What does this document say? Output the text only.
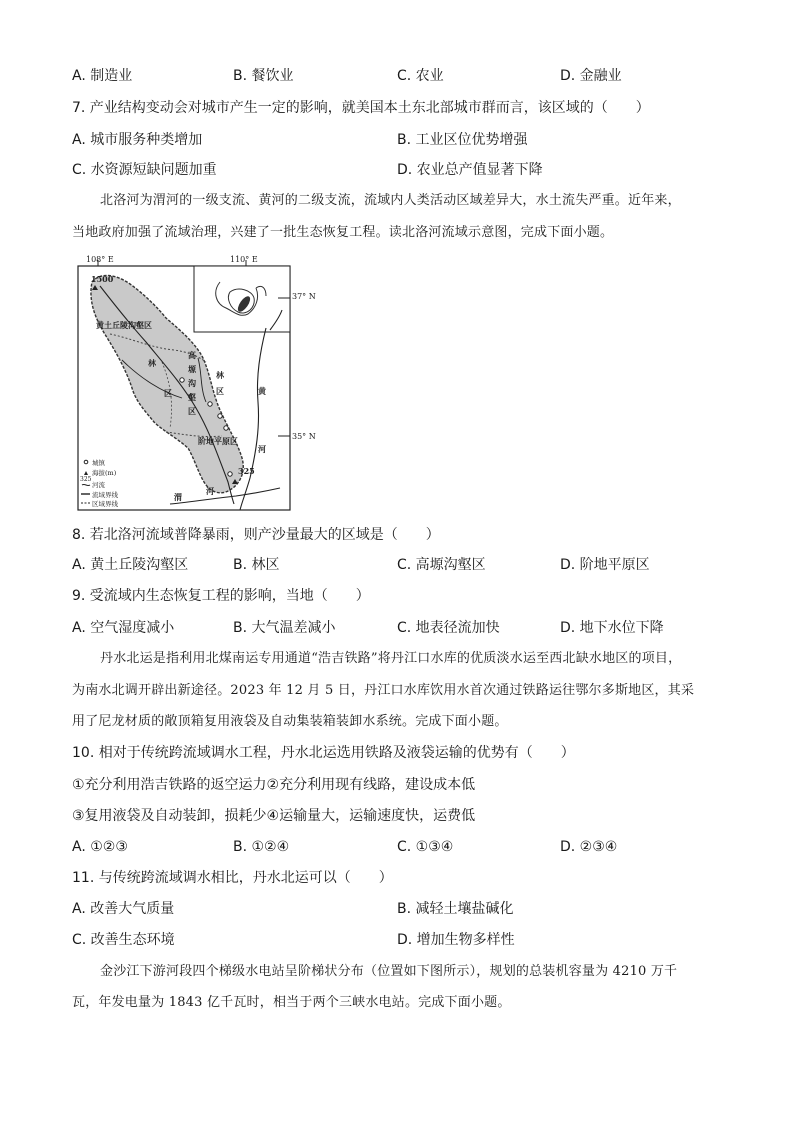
A. 制造业	B. 餐饮业	C. 农业	D. 金融业
7. 产业结构变动会对城市产生一定的影响，就美国本土东北部城市群而言，该区域的（　　）
A. 城市服务种类增加	B. 工业区位优势增强
C. 水资源短缺问题加重	D. 农业总产值显著下降
北洛河为渭河的一级支流、黄河的二级支流，流域内人类活动区域差异大，水土流失严重。近年来，
当地政府加强了流域治理，兴建了一批生态恢复工程。读北洛河流域示意图，完成下面小题。
108° E	110° E
37° N
35° N
1500
325
黄土丘陵沟壑区
林
区
高
塬
沟
壑
区
林
区
阶地平原区
黄
河
渭
河
城镇
海拔(m)
325
河流
流域界线
区域界线
8. 若北洛河流域普降暴雨，则产沙量最大的区域是（　　）
A. 黄土丘陵沟壑区	B. 林区	C. 高塬沟壑区	D. 阶地平原区
9. 受流域内生态恢复工程的影响，当地（　　）
A. 空气湿度减小	B. 大气温差减小	C. 地表径流加快	D. 地下水位下降
丹水北运是指利用北煤南运专用通道“浩吉铁路”将丹江口水库的优质淡水运至西北缺水地区的项目，
为南水北调开辟出新途径。2023 年 12 月 5 日，丹江口水库饮用水首次通过铁路运往鄂尔多斯地区，其采
用了尼龙材质的敞顶箱复用液袋及自动集装箱装卸水系统。完成下面小题。
10. 相对于传统跨流域调水工程，丹水北运选用铁路及液袋运输的优势有（　　）
①充分利用浩吉铁路的返空运力②充分利用现有线路，建设成本低
③复用液袋及自动装卸，损耗少④运输量大，运输速度快，运费低
A. ①②③	B. ①②④	C. ①③④	D. ②③④
11. 与传统跨流域调水相比，丹水北运可以（　　）
A. 改善大气质量	B. 减轻土壤盐碱化
C. 改善生态环境	D. 增加生物多样性
金沙江下游河段四个梯级水电站呈阶梯状分布（位置如下图所示），规划的总装机容量为 4210 万千
瓦，年发电量为 1843 亿千瓦时，相当于两个三峡水电站。完成下面小题。
